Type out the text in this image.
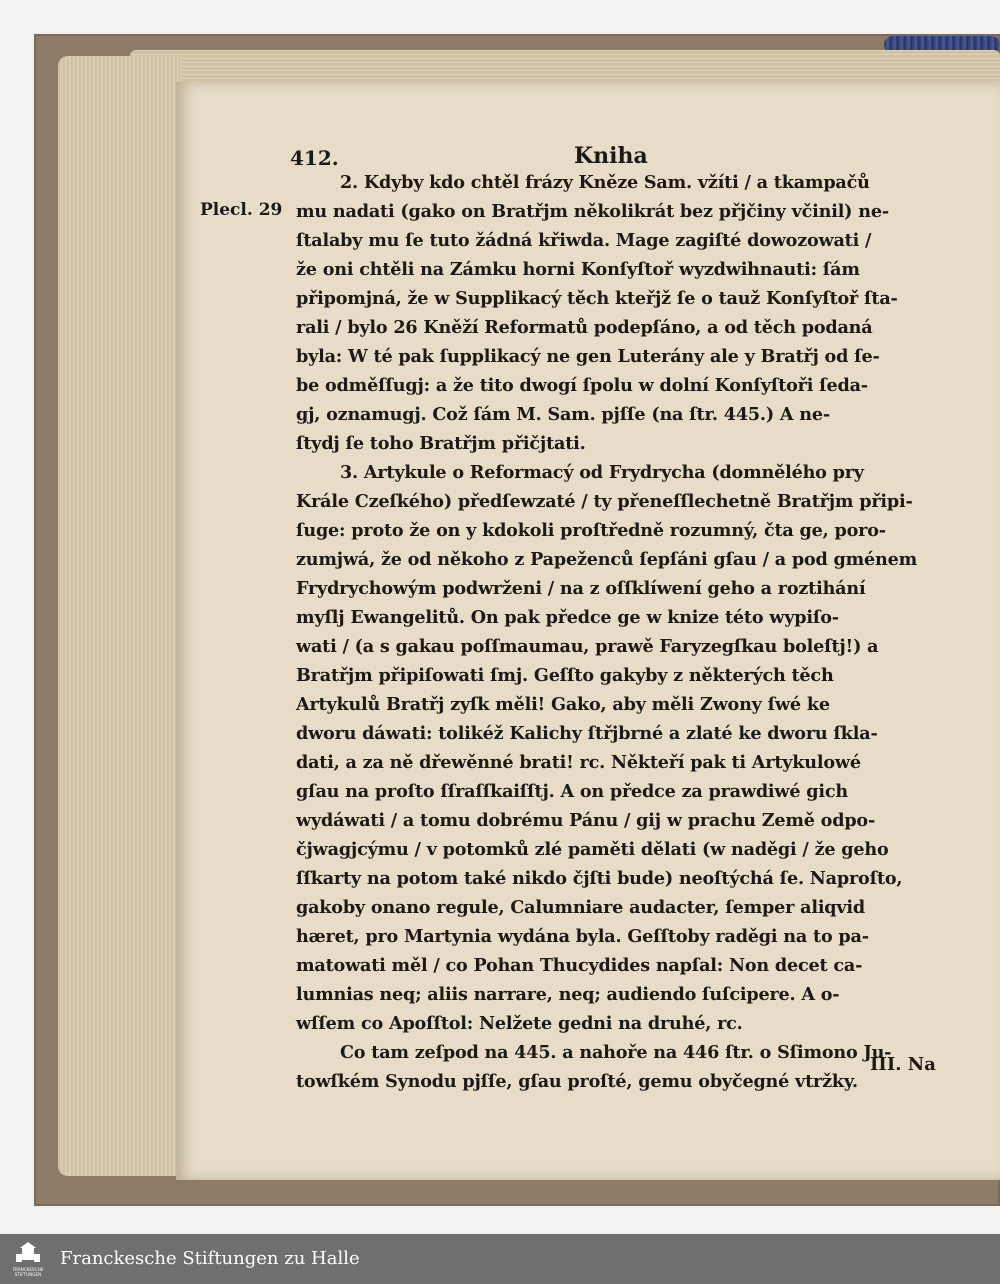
412.	Kniha
Plecl. 29
2. Kdyby kdo chtěl frázy Kněze Sam. vžíti / a tkampačů
mu nadati (gako on Bratřjm několikrát bez přjčiny včinil) ne-
ſtalaby mu ſe tuto žádná křiwda. Mage zagiſté dowozowati /
že oni chtěli na Zámku horni Konſyſtoř wyzdwihnauti: ſám
připomjná, že w Supplikacý těch kteřjž ſe o tauž Konſyſtoř ſta-
rali / bylo 26 Kněží Reformatů podepſáno, a od těch podaná
byla: W té pak ſupplikacý ne gen Luterány ale y Bratřj od ſe-
be odměſſugj: a že tito dwogí ſpolu w dolní Konſyſtoři ſeda-
gj, oznamugj. Což ſám M. Sam. pjſſe (na ſtr. 445.) A ne-
ſtydj ſe toho Bratřjm přičjtati.
3. Artykule o Reformacý od Frydrycha (domnělého pry
Krále Czeſkého) předſewzaté / ty přeneſſlechetně Bratřjm připi-
ſuge: proto že on y kdokoli proſtředně rozumný, čta ge, poro-
zumjwá, že od někoho z Papeženců ſepſáni gſau / a pod gménem
Frydrychowým podwrženi / na z oſſklíwení geho a roztihání
myſlj Ewangelitů. On pak předce ge w knize této wypiſo-
wati / (a s gakau poſſmaumau, prawě Faryzegſkau boleſtj!) a
Bratřjm připiſowati ſmj. Geſſto gakyby z některých těch
Artykulů Bratřj zyſk měli! Gako, aby měli Zwony ſwé ke
dworu dáwati: tolikéž Kalichy ſtřjbrné a zlaté ke dworu ſkla-
dati, a za ně dřewěnné brati! rc. Někteří pak ti Artykulowé
gſau na proſto ſſraſſkaiſſtj. A on předce za prawdiwé gich
wydáwati / a tomu dobrému Pánu / gij w prachu Země odpo-
čjwagjcýmu / v potomků zlé paměti dělati (w naděgi / že geho
ſſkarty na potom také nikdo čjſti bude) neoſtýchá ſe. Naproſto,
gakoby onano regule, Calumniare audacter, ſemper aliqvid
hæret, pro Martynia wydána byla. Geſſtoby raděgi na to pa-
matowati měl / co Pohan Thucydides napſal: Non decet ca-
lumnias neq; aliis narrare, neq; audiendo ſuſcipere. A o-
wſſem co Apoſſtol: Nelžete gedni na druhé, rc.
Co tam zeſpod na 445. a nahoře na 446 ſtr. o Sſimono Ju-
towſkém Synodu pjſſe, gſau proſté, gemu obyčegné vtržky.
III. Na
FRANCKESCHE
STIFTUNGEN
Franckesche Stiftungen zu Halle
